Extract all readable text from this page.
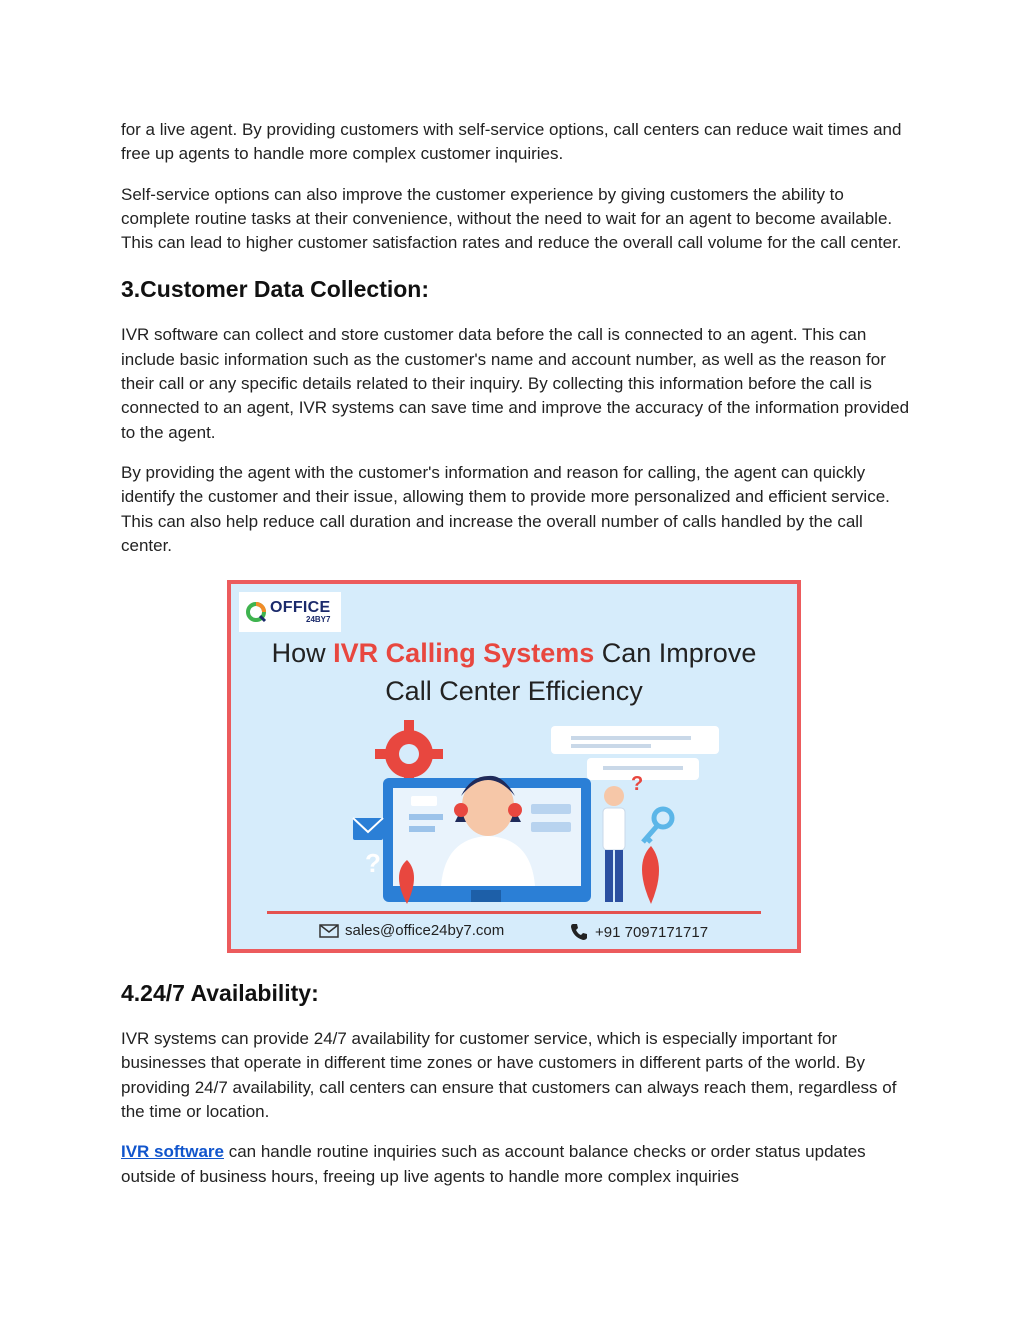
for a live agent. By providing customers with self-service options, call centers can reduce wait times and free up agents to handle more complex customer inquiries.

Self-service options can also improve the customer experience by giving customers the ability to complete routine tasks at their convenience, without the need to wait for an agent to become available. This can lead to higher customer satisfaction rates and reduce the overall call volume for the call center.

3.Customer Data Collection:

IVR software can collect and store customer data before the call is connected to an agent. This can include basic information such as the customer's name and account number, as well as the reason for their call or any specific details related to their inquiry. By collecting this information before the call is connected to an agent, IVR systems can save time and improve the accuracy of the information provided to the agent.

By providing the agent with the customer's information and reason for calling, the agent can quickly identify the customer and their issue, allowing them to provide more personalized and efficient service. This can also help reduce call duration and increase the overall number of calls handled by the call center.

OFFICE
24BY7
How IVR Calling Systems Can Improve
Call Center Efficiency
?
?
sales@office24by7.com	+91 7097171717
4.24/7 Availability:

IVR systems can provide 24/7 availability for customer service, which is especially important for businesses that operate in different time zones or have customers in different parts of the world. By providing 24/7 availability, call centers can ensure that customers can always reach them, regardless of the time or location.

IVR software can handle routine inquiries such as account balance checks or order status updates outside of business hours, freeing up live agents to handle more complex inquiries
